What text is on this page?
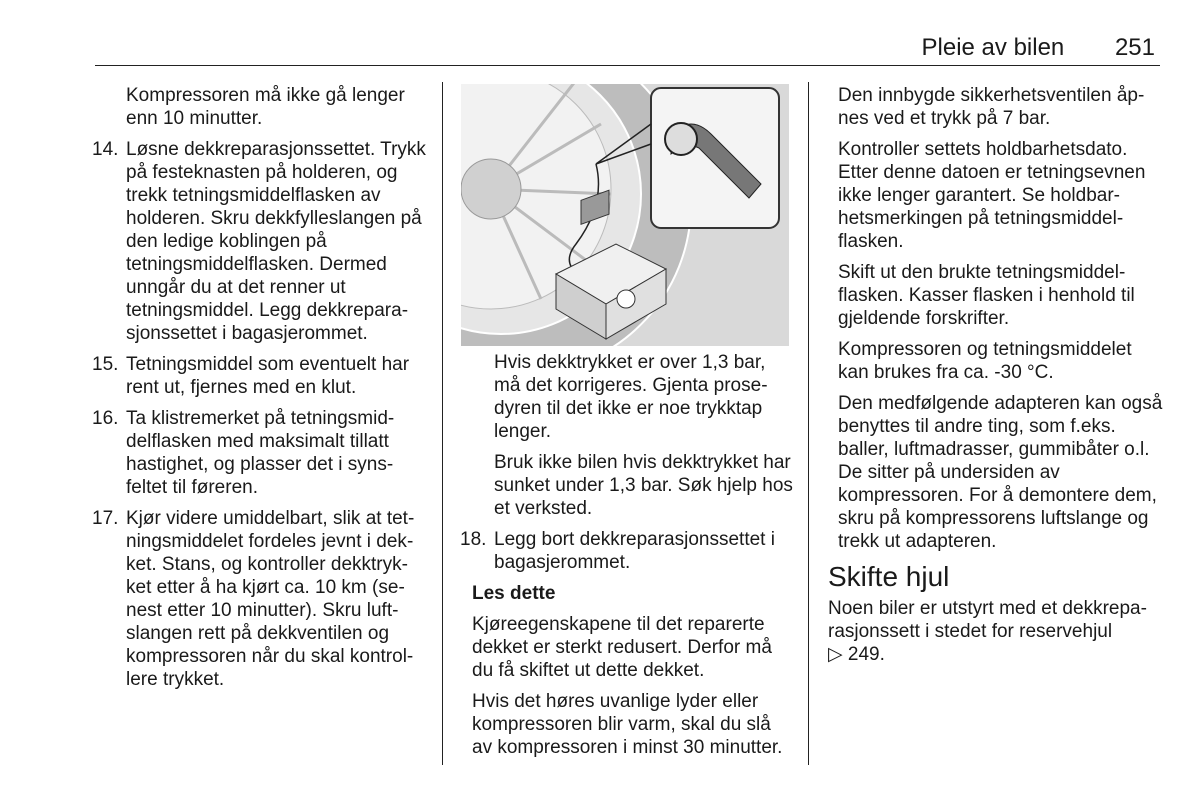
Pleie av bilen 251
Kompressoren må ikke gå lenger enn 10 minutter.
14. Løsne dekkreparasjonssettet. Trykk på festeknasten på holderen, og trekk tetningsmiddelflasken av holderen. Skru dekkfylleslangen på den ledige koblingen på tetningsmiddelflasken. Dermed unngår du at det renner ut tetningsmiddel. Legg dekkreparasjonssettet i bagasjerommet.
15. Tetningsmiddel som eventuelt har rent ut, fjernes med en klut.
16. Ta klistremerket på tetningsmiddelflasken med maksimalt tillatt hastighet, og plasser det i synsfeltet til føreren.
17. Kjør videre umiddelbart, slik at tetningsmiddelet fordeles jevnt i dekket. Stans, og kontroller dekktrykket etter å ha kjørt ca. 10 km (senest etter 10 minutter). Skru luftslangen rett på dekkventilen og kompressoren når du skal kontrollere trykket.
Hvis dekktrykket er over 1,3 bar, må det korrigeres. Gjenta prosedyren til det ikke er noe trykktap lenger.
Bruk ikke bilen hvis dekktrykket har sunket under 1,3 bar. Søk hjelp hos et verksted.
18. Legg bort dekkreparasjonssettet i bagasjerommet.

Les dette

Kjøreegenskapene til det reparerte dekket er sterkt redusert. Derfor må du få skiftet ut dette dekket.

Hvis det høres uvanlige lyder eller kompressoren blir varm, skal du slå av kompressoren i minst 30 minutter.

Den innbygde sikkerhetsventilen åpnes ved et trykk på 7 bar.

Kontroller settets holdbarhetsdato. Etter denne datoen er tetningsevnen ikke lenger garantert. Se holdbarhetsmerkingen på tetningsmiddelflasken.

Skift ut den brukte tetningsmiddelflasken. Kasser flasken i henhold til gjeldende forskrifter.

Kompressoren og tetningsmiddelet kan brukes fra ca. -30 °C.

Den medfølgende adapteren kan også benyttes til andre ting, som f.eks. baller, luftmadrasser, gummibåter o.l. De sitter på undersiden av kompressoren. For å demontere dem, skru på kompressorens luftslange og trekk ut adapteren.

Skifte hjul

Noen biler er utstyrt med et dekkreparasjonssett i stedet for reservehjul
▷ 249.
